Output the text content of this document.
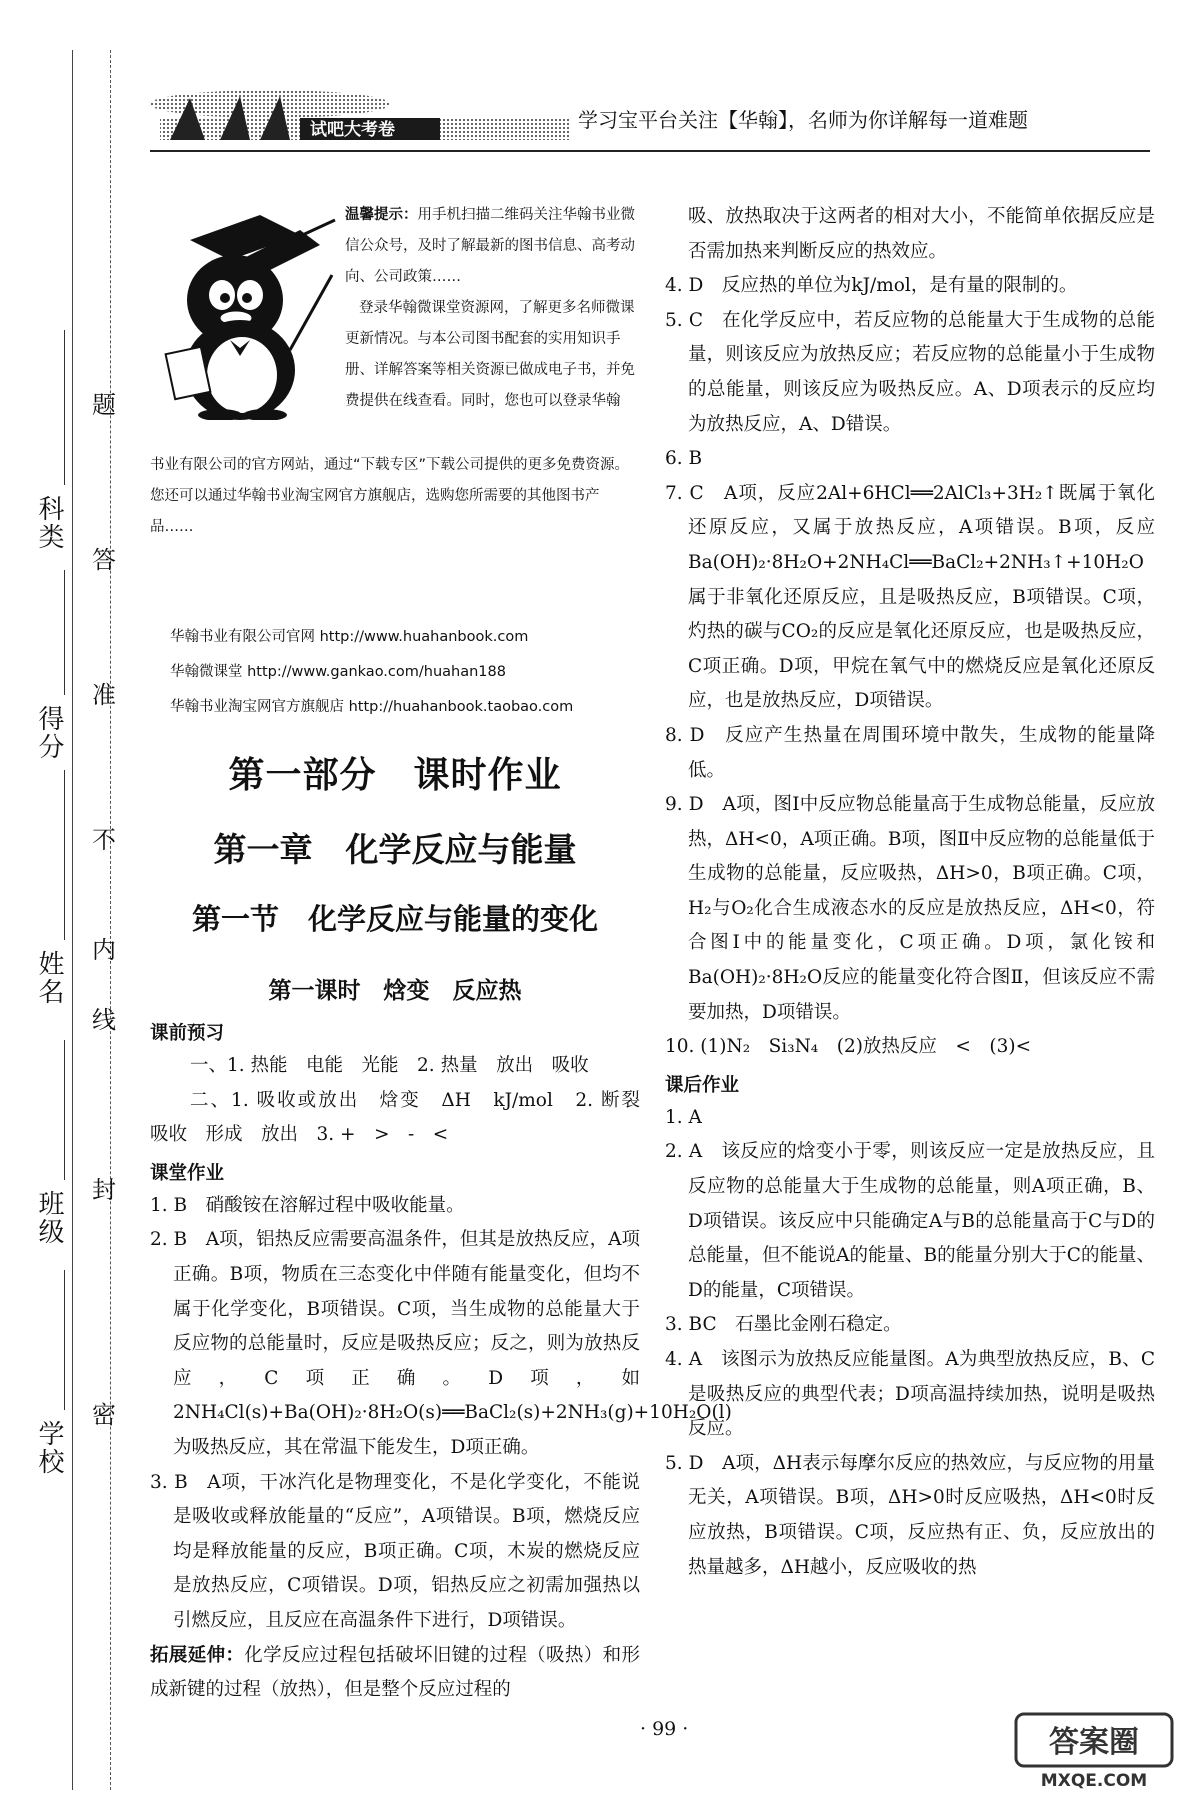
学校
班级
姓名
得分
科类
密
封
线
内
不
准
答
题
试吧大考卷	学习宝平台关注【华翰】，名师为你详解每一道难题
温馨提示：用手机扫描二维码关注华翰书业微信公众号，及时了解最新的图书信息、高考动向、公司政策……
登录华翰微课堂资源网，了解更多名师微课更新情况。与本公司图书配套的实用知识手册、详解答案等相关资源已做成电子书，并免费提供在线查看。同时，您也可以登录华翰
书业有限公司的官方网站，通过“下载专区”下载公司提供的更多免费资源。您还可以通过华翰书业淘宝网官方旗舰店，选购您所需要的其他图书产品……
华翰书业有限公司官网 http://www.huahanbook.com
华翰微课堂 http://www.gankao.com/huahan188
华翰书业淘宝网官方旗舰店 http://huahanbook.taobao.com
第一部分　课时作业
第一章　化学反应与能量
第一节　化学反应与能量的变化
第一课时　焓变　反应热
课前预习

一、1. 热能　电能　光能　2. 热量　放出　吸收

二、1. 吸收或放出　焓变　ΔH　kJ/mol　2. 断裂　吸收　形成　放出　3. +　>　-　<

课堂作业

1. B　硝酸铵在溶解过程中吸收能量。

2. B　A项，铝热反应需要高温条件，但其是放热反应，A项正确。B项，物质在三态变化中伴随有能量变化，但均不属于化学变化，B项错误。C项，当生成物的总能量大于反应物的总能量时，反应是吸热反应；反之，则为放热反应，C项正确。D项，如2NH₄Cl(s)+Ba(OH)₂·8H₂O(s)══BaCl₂(s)+2NH₃(g)+10H₂O(l)为吸热反应，其在常温下能发生，D项正确。

3. B　A项，干冰汽化是物理变化，不是化学变化，不能说是吸收或释放能量的“反应”，A项错误。B项，燃烧反应均是释放能量的反应，B项正确。C项，木炭的燃烧反应是放热反应，C项错误。D项，铝热反应之初需加强热以引燃反应，且反应在高温条件下进行，D项错误。

拓展延伸：化学反应过程包括破坏旧键的过程（吸热）和形成新键的过程（放热），但是整个反应过程的

吸、放热取决于这两者的相对大小，不能简单依据反应是否需加热来判断反应的热效应。

4. D　反应热的单位为kJ/mol，是有量的限制的。

5. C　在化学反应中，若反应物的总能量大于生成物的总能量，则该反应为放热反应；若反应物的总能量小于生成物的总能量，则该反应为吸热反应。A、D项表示的反应均为放热反应，A、D错误。

6. B

7. C　A项，反应2Al+6HCl══2AlCl₃+3H₂↑既属于氧化还原反应，又属于放热反应，A项错误。B项，反应Ba(OH)₂·8H₂O+2NH₄Cl══BaCl₂+2NH₃↑+10H₂O属于非氧化还原反应，且是吸热反应，B项错误。C项，灼热的碳与CO₂的反应是氧化还原反应，也是吸热反应，C项正确。D项，甲烷在氧气中的燃烧反应是氧化还原反应，也是放热反应，D项错误。

8. D　反应产生热量在周围环境中散失，生成物的能量降低。

9. D　A项，图Ⅰ中反应物总能量高于生成物总能量，反应放热，ΔH<0，A项正确。B项，图Ⅱ中反应物的总能量低于生成物的总能量，反应吸热，ΔH>0，B项正确。C项，H₂与O₂化合生成液态水的反应是放热反应，ΔH<0，符合图Ⅰ中的能量变化，C项正确。D项，氯化铵和Ba(OH)₂·8H₂O反应的能量变化符合图Ⅱ，但该反应不需要加热，D项错误。

10. (1)N₂　Si₃N₄　(2)放热反应　<　(3)<

课后作业

1. A

2. A　该反应的焓变小于零，则该反应一定是放热反应，且反应物的总能量大于生成物的总能量，则A项正确，B、D项错误。该反应中只能确定A与B的总能量高于C与D的总能量，但不能说A的能量、B的能量分别大于C的能量、D的能量，C项错误。

3. BC　石墨比金刚石稳定。

4. A　该图示为放热反应能量图。A为典型放热反应，B、C是吸热反应的典型代表；D项高温持续加热，说明是吸热反应。

5. D　A项，ΔH表示每摩尔反应的热效应，与反应物的用量无关，A项错误。B项，ΔH>0时反应吸热，ΔH<0时反应放热，B项错误。C项，反应热有正、负，反应放出的热量越多，ΔH越小，反应吸收的热

· 99 ·	答案圈
MXQE.COM
